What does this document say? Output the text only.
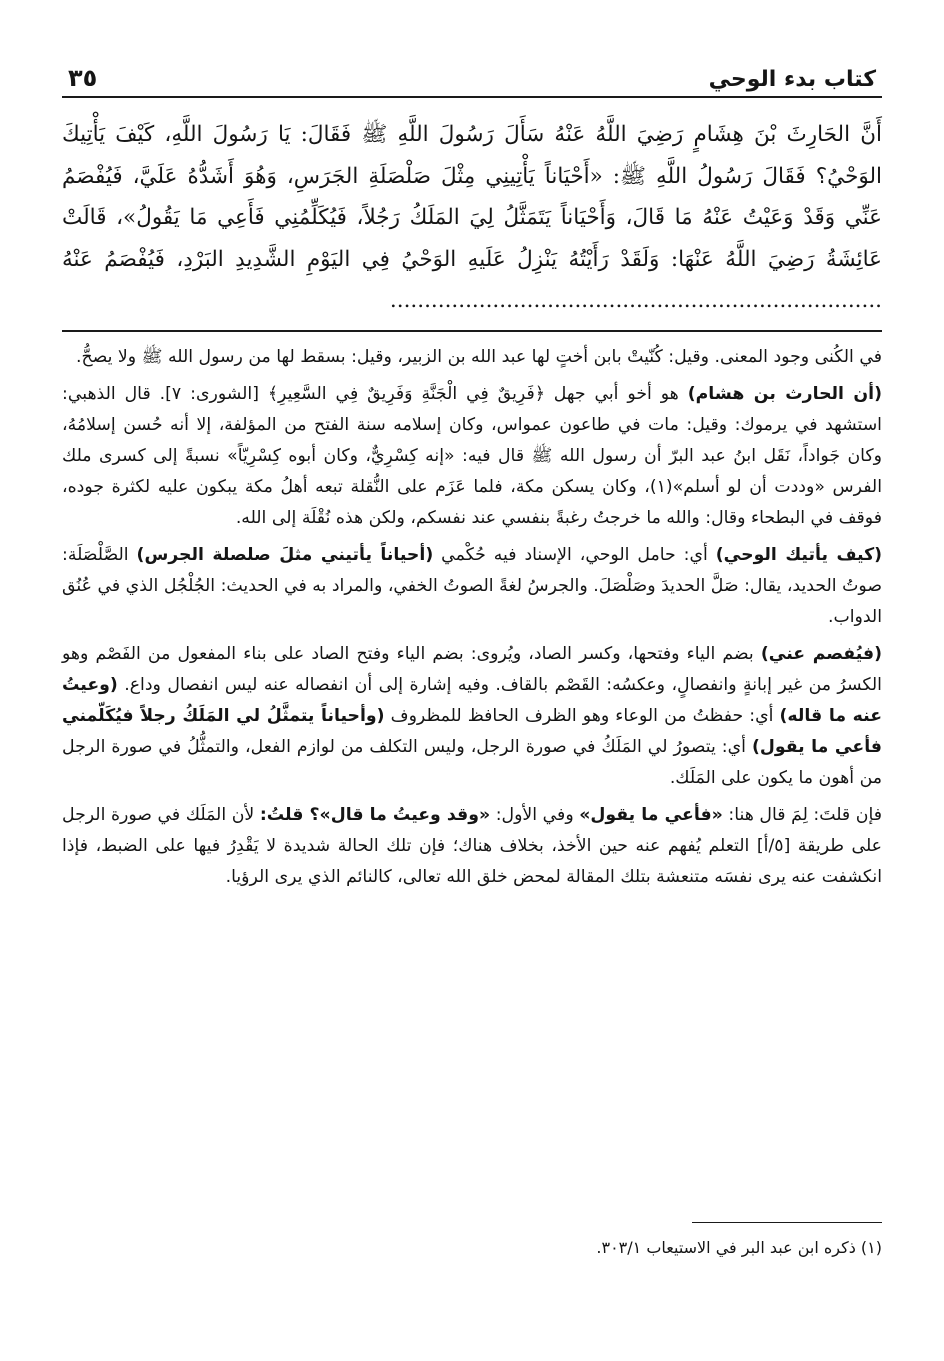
كتاب بدء الوحي
٣٥
أَنَّ الحَارِثَ بْنَ هِشَامٍ رَضِيَ اللَّهُ عَنْهُ سَأَلَ رَسُولَ اللَّهِ ﷺ فَقَالَ: يَا رَسُولَ اللَّهِ، كَيْفَ يَأْتِيكَ الوَحْيُ؟ فَقَالَ رَسُولُ اللَّهِ ﷺ: «أَحْيَاناً يَأْتِينِي مِثْلَ صَلْصَلَةِ الجَرَسِ، وَهُوَ أَشَدُّهُ عَلَيَّ، فَيُفْصَمُ عَنِّي وَقَدْ وَعَيْتُ عَنْهُ مَا قَالَ، وَأَحْيَاناً يَتَمَثَّلُ لِيَ المَلَكُ رَجُلاً، فَيُكَلِّمُنِي فَأَعِي مَا يَقُولُ»، قَالَتْ عَائِشَةُ رَضِيَ اللَّهُ عَنْهَا: وَلَقَدْ رَأَيْتُهُ يَنْزِلُ عَلَيهِ الوَحْيُ فِي اليَوْمِ الشَّدِيدِ البَرْدِ، فَيُفْصَمُ عَنْهُ ........................................................................

في الكُنى وجود المعنى. وقيل: كُنّيتْ بابن أختٍ لها عبد الله بن الزبير، وقيل: بسقط لها من رسول الله ﷺ ولا يصحُّ.

(أن الحارث بن هشام) هو أخو أبي جهل ﴿فَرِيقٌ فِي الْجَنَّةِ وَفَرِيقٌ فِي السَّعِيرِ﴾ [الشورى: ٧]. قال الذهبي: استشهد في يرموك: وقيل: مات في طاعون عمواس، وكان إسلامه سنة الفتح من المؤلفة، إلا أنه حُسن إسلامُهُ، وكان جَواداً، نَقَل ابنُ عبد البرّ أن رسول الله ﷺ قال فيه: «إنه كِسْرِيٌّ، وكان أبوه كِسْرِيّاً» نسبةً إلى كسرى ملك الفرس «وددت أن لو أسلم»(١)، وكان يسكن مكة، فلما عَزَم على النُّقلة تبعه أهلُ مكة يبكون عليه لكثرة جوده، فوقف في البطحاء وقال: والله ما خرجتُ رغبةً بنفسي عند نفسكم، ولكن هذه نُقْلَة إلى الله.

(كيف يأتيك الوحي) أي: حامل الوحي، الإسناد فيه حُكْمي (أحياناً يأتيني مثلَ صلصلة الجرس) الصَّلْصَلَة: صوتُ الحديد، يقال: صَلَّ الحديدَ وصَلْصَلَ. والجرسُ لغةً الصوتُ الخفي، والمراد به في الحديث: الجُلْجُل الذي في عُنُق الدواب.

(فيُفصم عني) بضم الياء وفتحها، وكسر الصاد، ويُروى: بضم الياء وفتح الصاد على بناء المفعول من الفَصْم وهو الكسرُ من غير إبانةٍ وانفصالٍ، وعكسُه: القَصْم بالقاف. وفيه إشارة إلى أن انفصاله عنه ليس انفصال وداع. (وعيتُ عنه ما قاله) أي: حفظتُ من الوعاء وهو الظرف الحافظ للمظروف (وأحياناً يتمثَّلُ لي المَلَكُ رجلاً فيُكَلّمني فأعي ما يقول) أي: يتصورُ لي المَلَكُ في صورة الرجل، وليس التكلف من لوازم الفعل، والتمثُّلُ في صورة الرجل من أهون ما يكون على المَلَك.

فإن قلتَ: لِمَ قال هنا: «فأعي ما يقول» وفي الأول: «وقد وعيتُ ما قال»؟ قلتُ: لأن المَلَك في صورة الرجل على طريقة [٥/أ] التعلم يُفهم عنه حين الأخذ، بخلاف هناك؛ فإن تلك الحالة شديدة لا يَقْدِرُ فيها على الضبط، فإذا انكشفت عنه يرى نفسَه متنعشة بتلك المقالة لمحض خلق الله تعالى، كالنائم الذي يرى الرؤيا.

(١) ذكره ابن عبد البر في الاستيعاب ٣٠٣/١.
